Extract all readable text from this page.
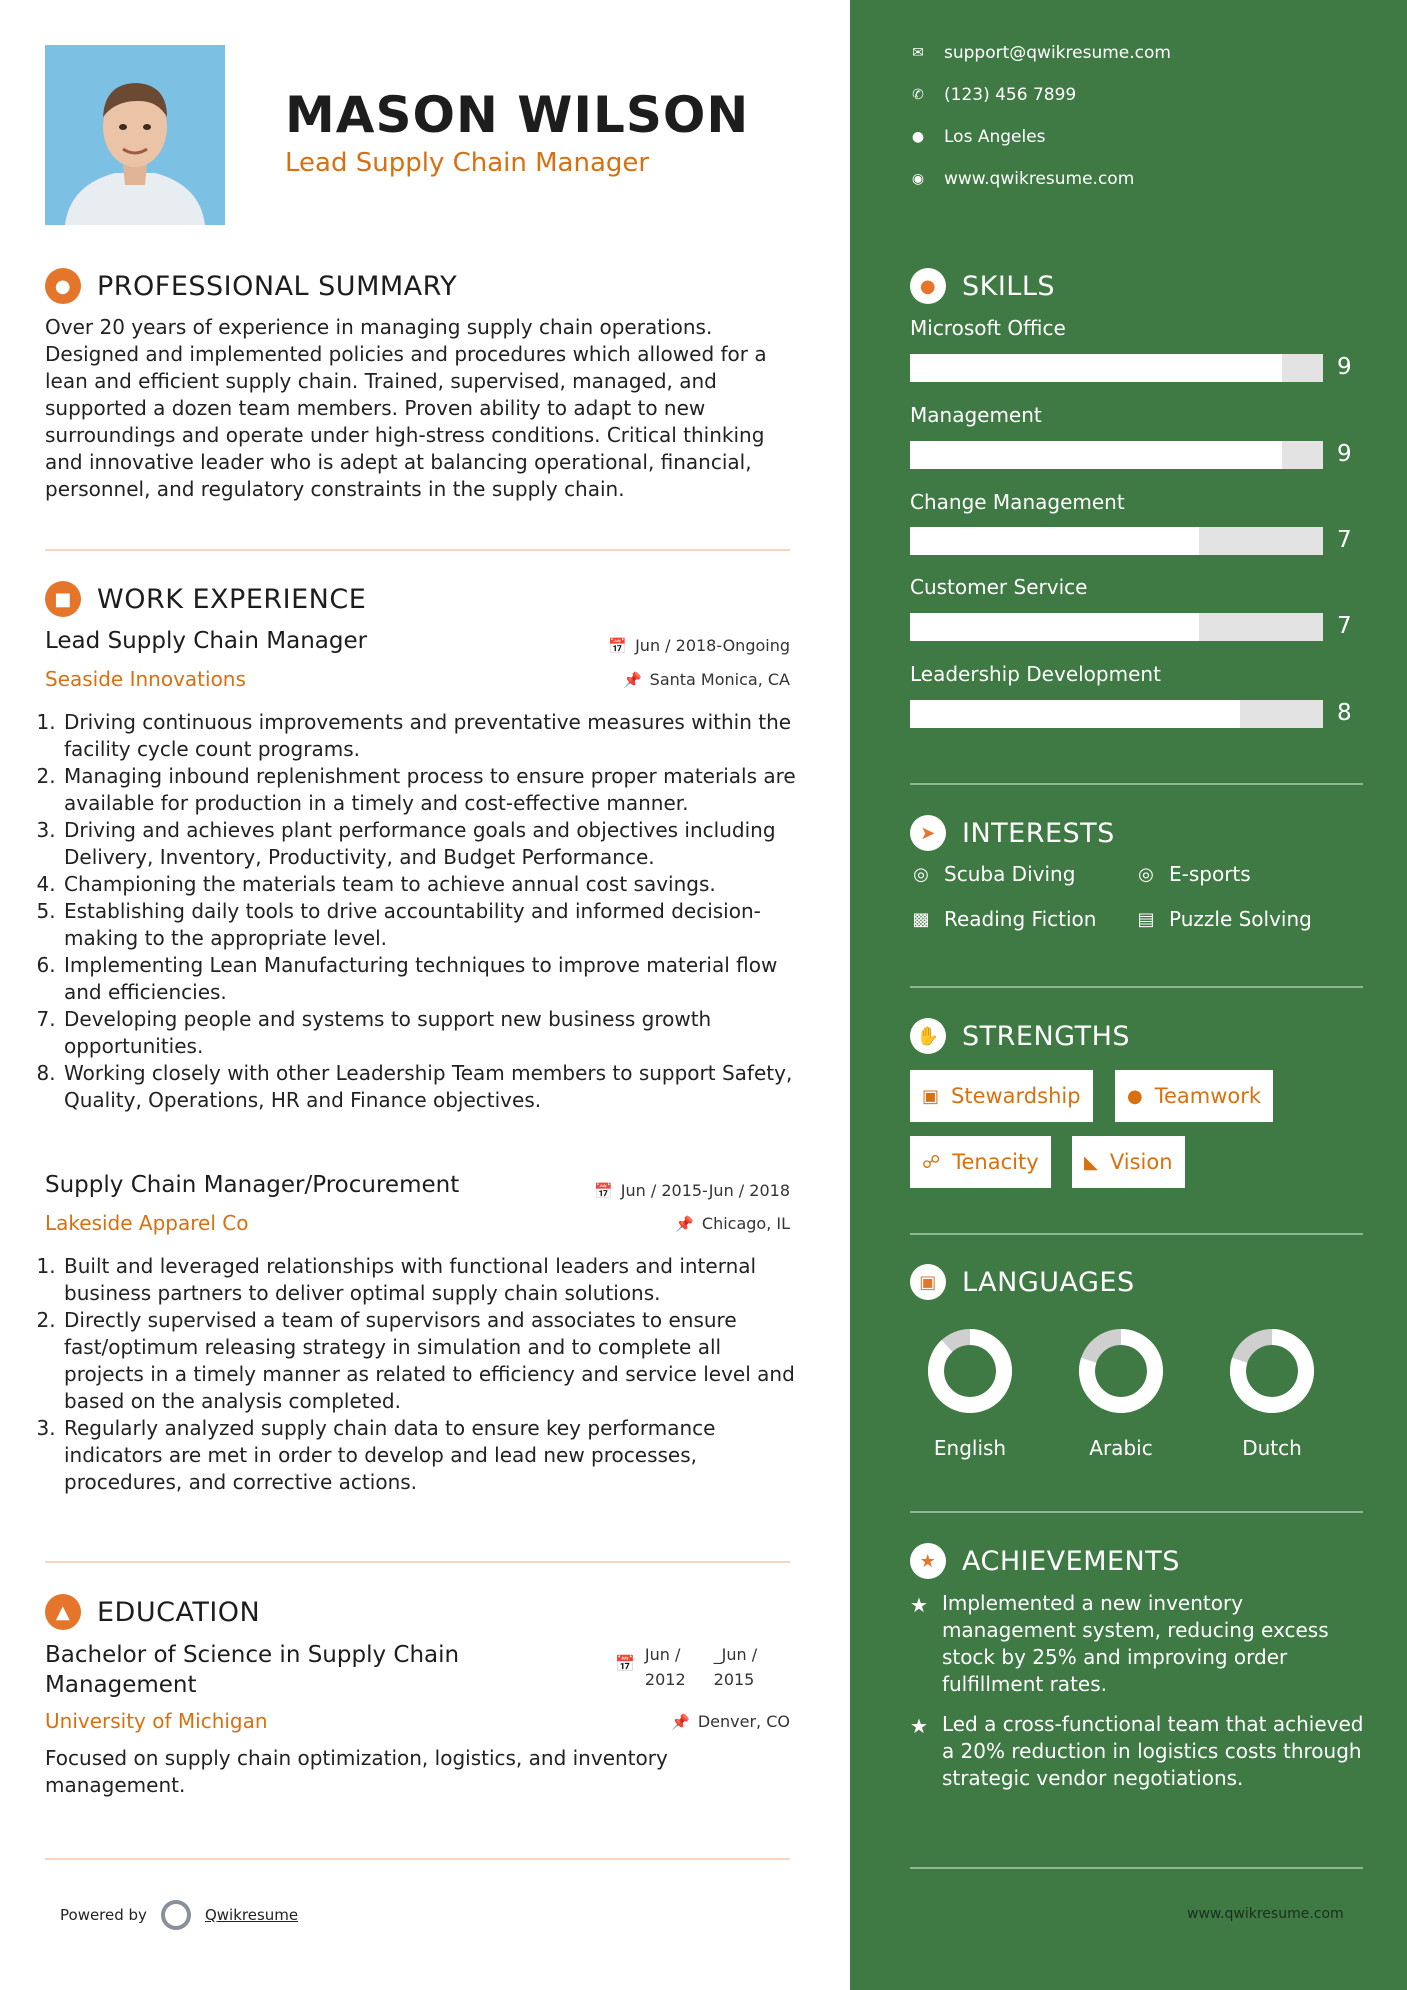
MASON WILSON
Lead Supply Chain Manager
● PROFESSIONAL SUMMARY
Over 20 years of experience in managing supply chain operations. Designed and implemented policies and procedures which allowed for a lean and efficient supply chain. Trained, supervised, managed, and supported a dozen team members. Proven ability to adapt to new surroundings and operate under high-stress conditions. Critical thinking and innovative leader who is adept at balancing operational, financial, personnel, and regulatory constraints in the supply chain.
■ WORK EXPERIENCE
Lead Supply Chain Manager	📅 Jun / 2018-Ongoing
Seaside Innovations	📌 Santa Monica, CA
1. Driving continuous improvements and preventative measures within the facility cycle count programs.
2. Managing inbound replenishment process to ensure proper materials are available for production in a timely and cost-effective manner.
3. Driving and achieves plant performance goals and objectives including Delivery, Inventory, Productivity, and Budget Performance.
4. Championing the materials team to achieve annual cost savings.
5. Establishing daily tools to drive accountability and informed decision-making to the appropriate level.
6. Implementing Lean Manufacturing techniques to improve material flow and efficiencies.
7. Developing people and systems to support new business growth opportunities.
8. Working closely with other Leadership Team members to support Safety, Quality, Operations, HR and Finance objectives.
Supply Chain Manager/Procurement	📅 Jun / 2015-Jun / 2018
Lakeside Apparel Co	📌 Chicago, IL
1. Built and leveraged relationships with functional leaders and internal business partners to deliver optimal supply chain solutions.
2. Directly supervised a team of supervisors and associates to ensure fast/optimum releasing strategy in simulation and to complete all projects in a timely manner as related to efficiency and service level and based on the analysis completed.
3. Regularly analyzed supply chain data to ensure key performance indicators are met in order to develop and lead new processes, procedures, and corrective actions.
▲ EDUCATION
Bachelor of Science in Supply Chain Management
📅 Jun /
2012
_Jun /
2015
University of Michigan	📌 Denver, CO
Focused on supply chain optimization, logistics, and inventory management.
Powered by	Qwikresume
✉ support@qwikresume.com
✆ (123) 456 7899
● Los Angeles
◉ www.qwikresume.com
● SKILLS
Microsoft Office
9
Management
9
Change Management
7
Customer Service
7
Leadership Development
8
➤ INTERESTS
◎ Scuba Diving	◎ E-sports
▩ Reading Fiction ▤ Puzzle Solving
✋ STRENGTHS
▣ Stewardship	● Teamwork
☍ Tenacity	◣ Vision
▣ LANGUAGES
English	Arabic	Dutch
★ ACHIEVEMENTS
★ Implemented a new inventory management system, reducing excess stock by 25% and improving order fulfillment rates.
★ Led a cross-functional team that achieved a 20% reduction in logistics costs through strategic vendor negotiations.
www.qwikresume.com
